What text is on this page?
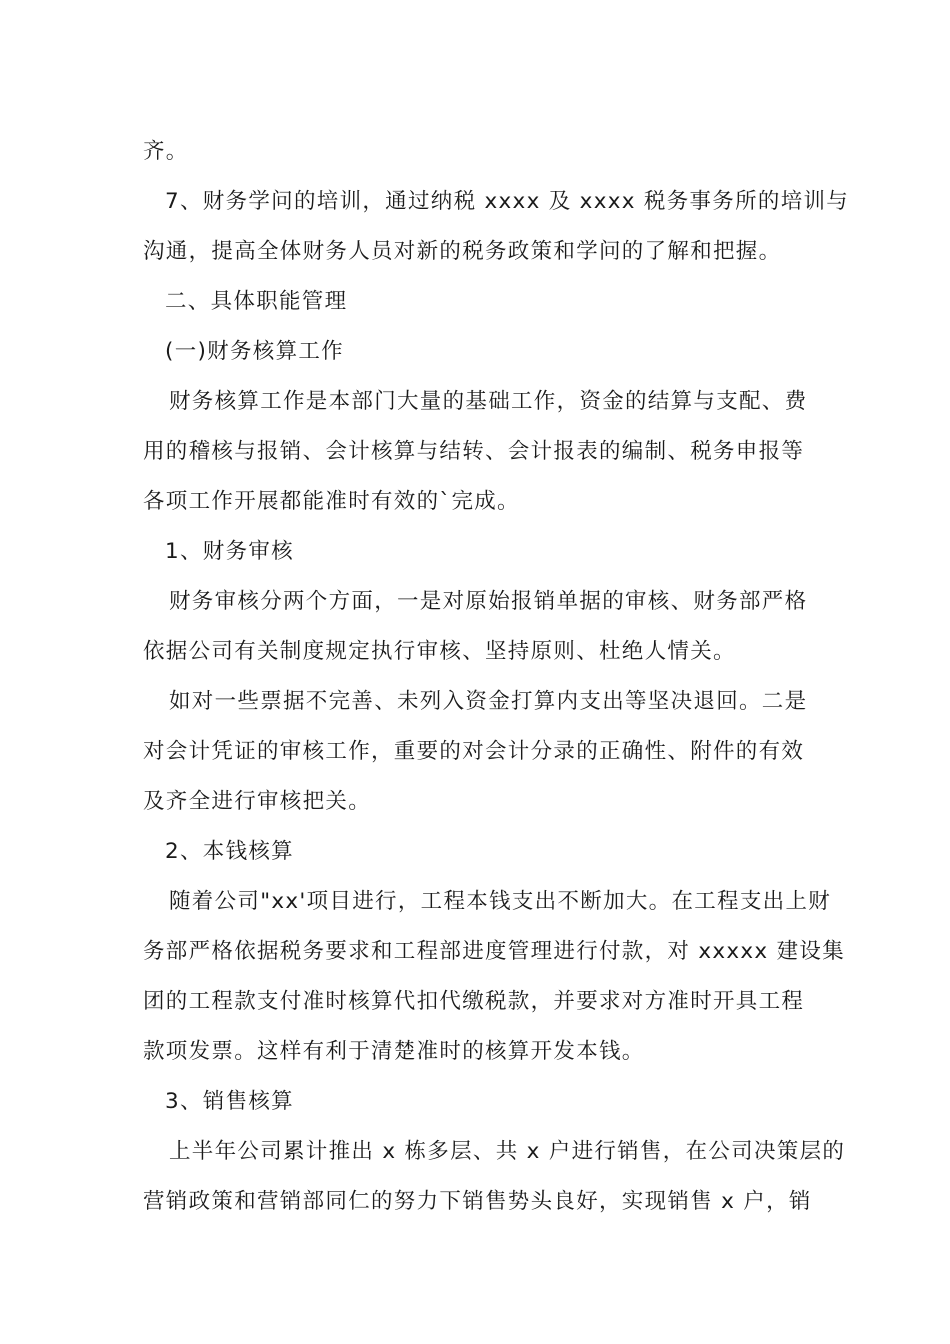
齐。
7、财务学问的培训，通过纳税 xxxx 及 xxxx 税务事务所的培训与
沟通，提高全体财务人员对新的税务政策和学问的了解和把握。
二、具体职能管理
(一)财务核算工作
财务核算工作是本部门大量的基础工作，资金的结算与支配、费
用的稽核与报销、会计核算与结转、会计报表的编制、税务申报等
各项工作开展都能准时有效的`完成。
1、财务审核
财务审核分两个方面，一是对原始报销单据的审核、财务部严格
依据公司有关制度规定执行审核、坚持原则、杜绝人情关。
如对一些票据不完善、未列入资金打算内支出等坚决退回。二是
对会计凭证的审核工作，重要的对会计分录的正确性、附件的有效
及齐全进行审核把关。
2、本钱核算
随着公司"xx'项目进行，工程本钱支出不断加大。在工程支出上财
务部严格依据税务要求和工程部进度管理进行付款，对 xxxxx 建设集
团的工程款支付准时核算代扣代缴税款，并要求对方准时开具工程
款项发票。这样有利于清楚准时的核算开发本钱。
3、销售核算
上半年公司累计推出 x 栋多层、共 x 户进行销售，在公司决策层的
营销政策和营销部同仁的努力下销售势头良好，实现销售 x 户，销
